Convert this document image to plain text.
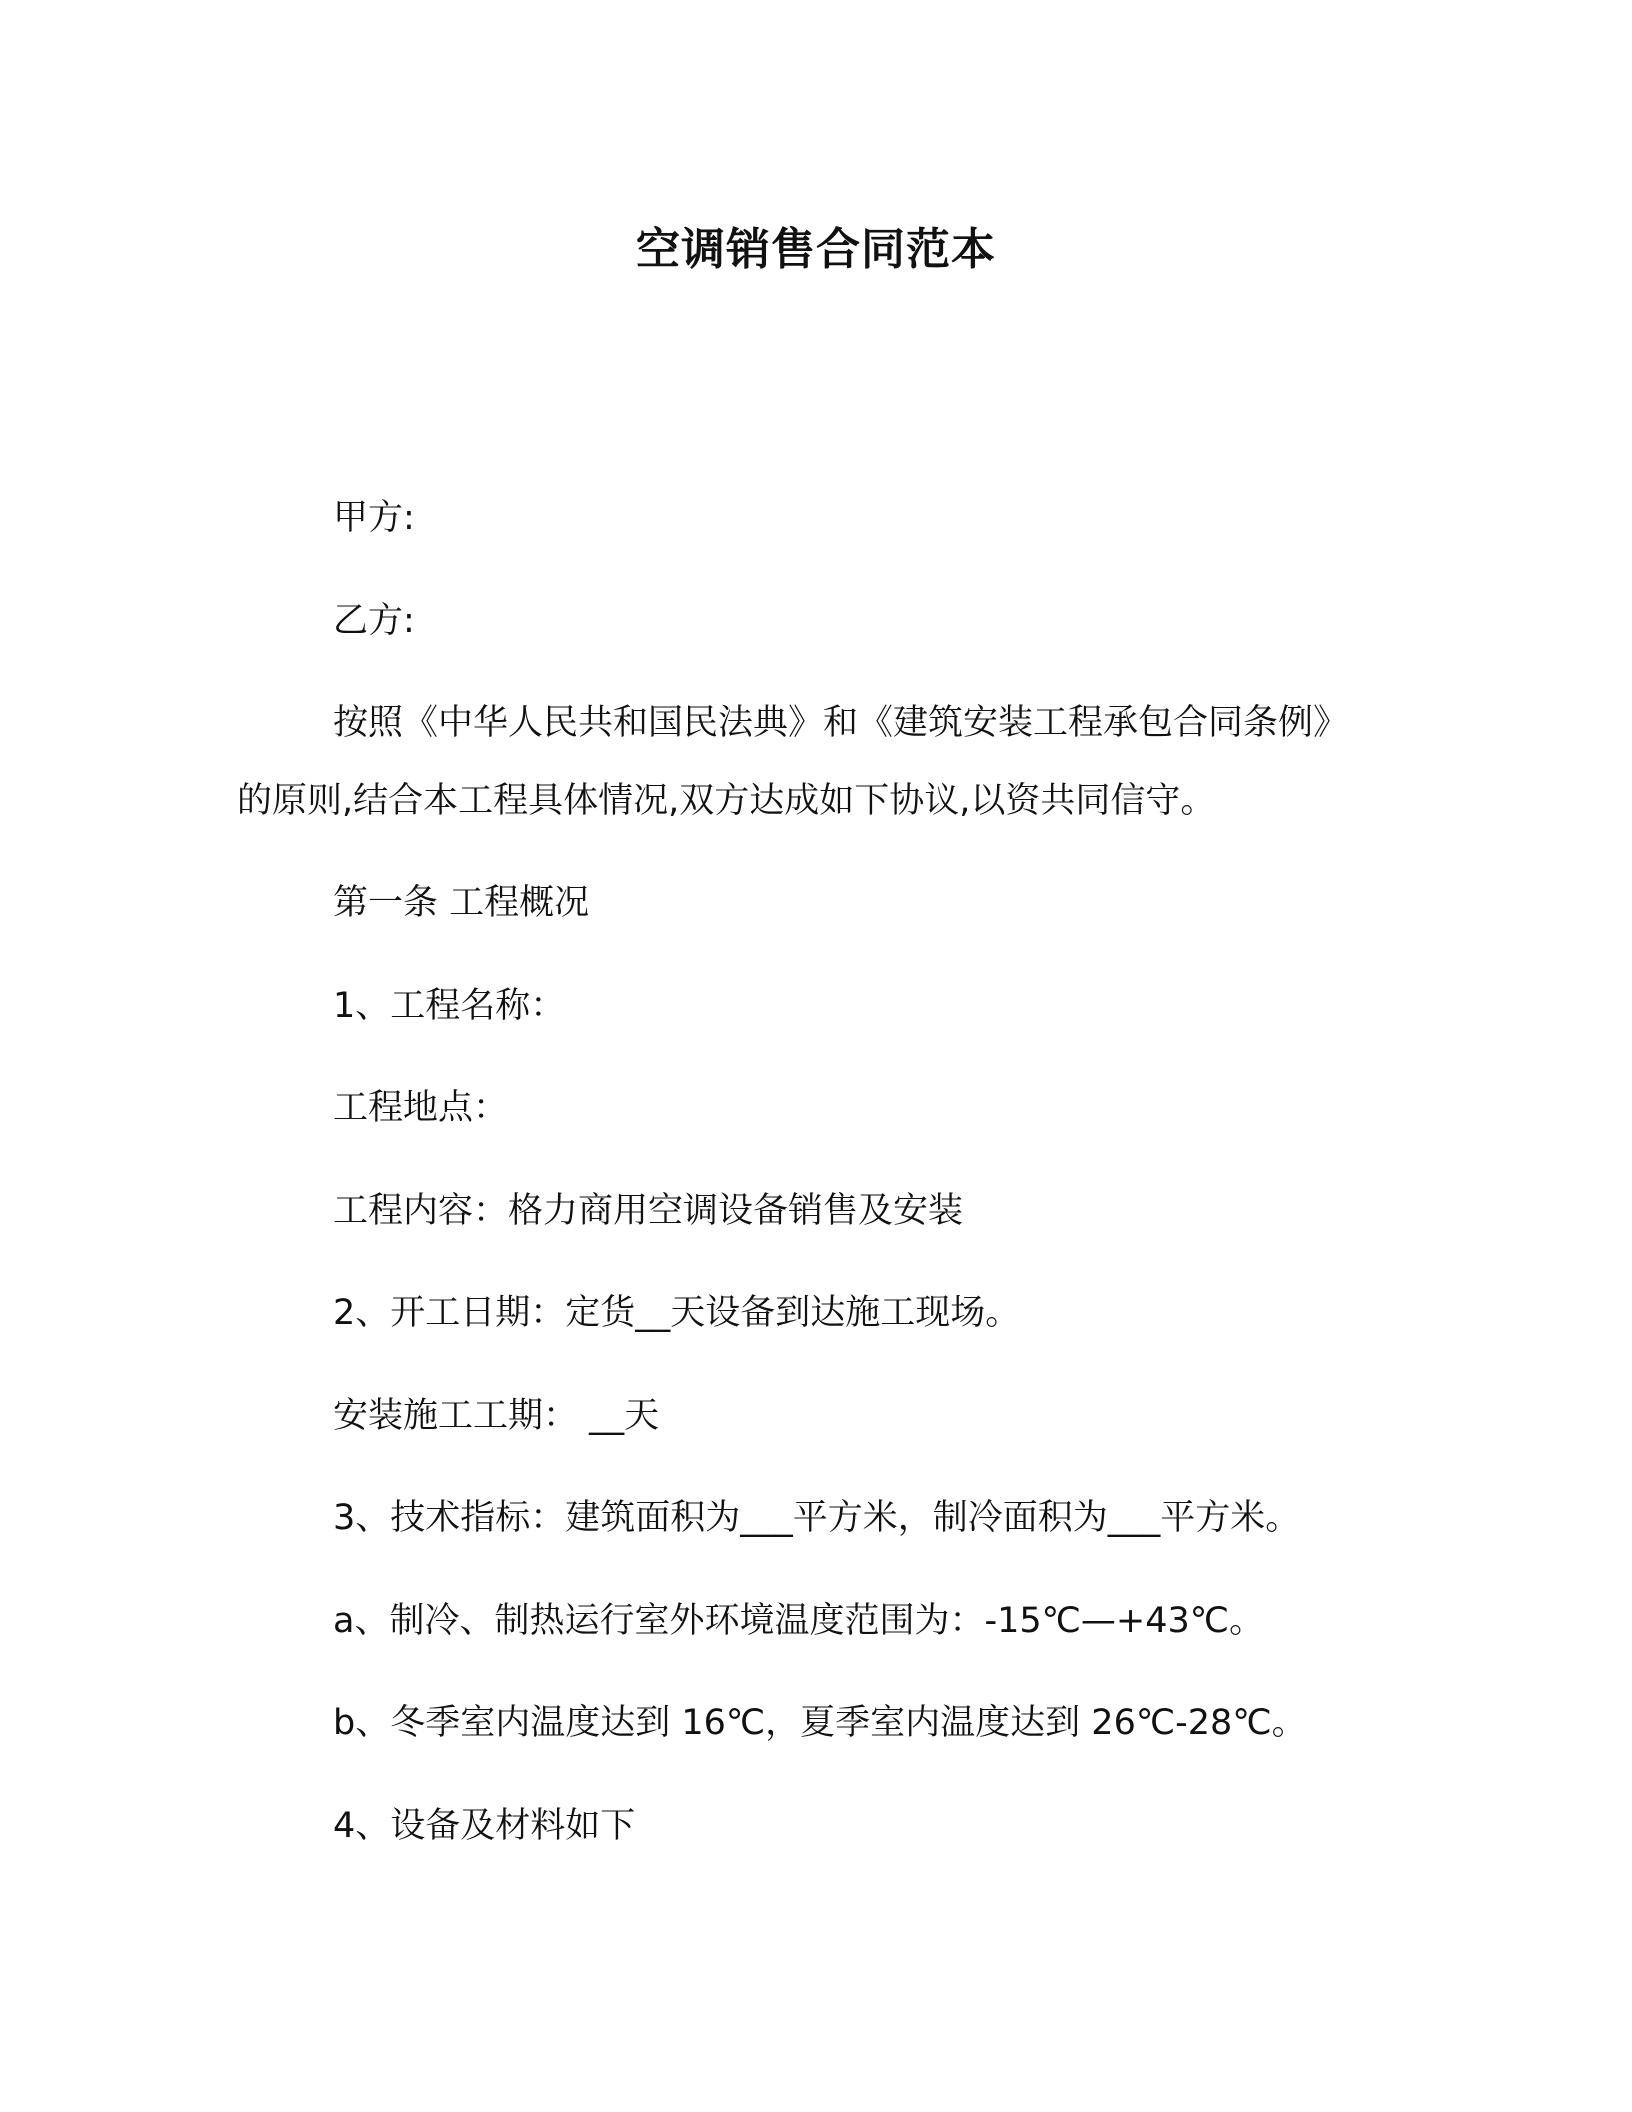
空调销售合同范本
甲方:
乙方:
按照《中华人民共和国民法典》和《建筑安装工程承包合同条例》
的原则,结合本工程具体情况,双方达成如下协议,以资共同信守。
第一条 工程概况
1、工程名称：
工程地点：
工程内容：格力商用空调设备销售及安装
2、开工日期：定货__天设备到达施工现场。
安装施工工期： __天
3、技术指标：建筑面积为___平方米，制冷面积为___平方米。
a、制冷、制热运行室外环境温度范围为：-15℃—+43℃。
b、冬季室内温度达到 16℃，夏季室内温度达到 26℃-28℃。
4、设备及材料如下
